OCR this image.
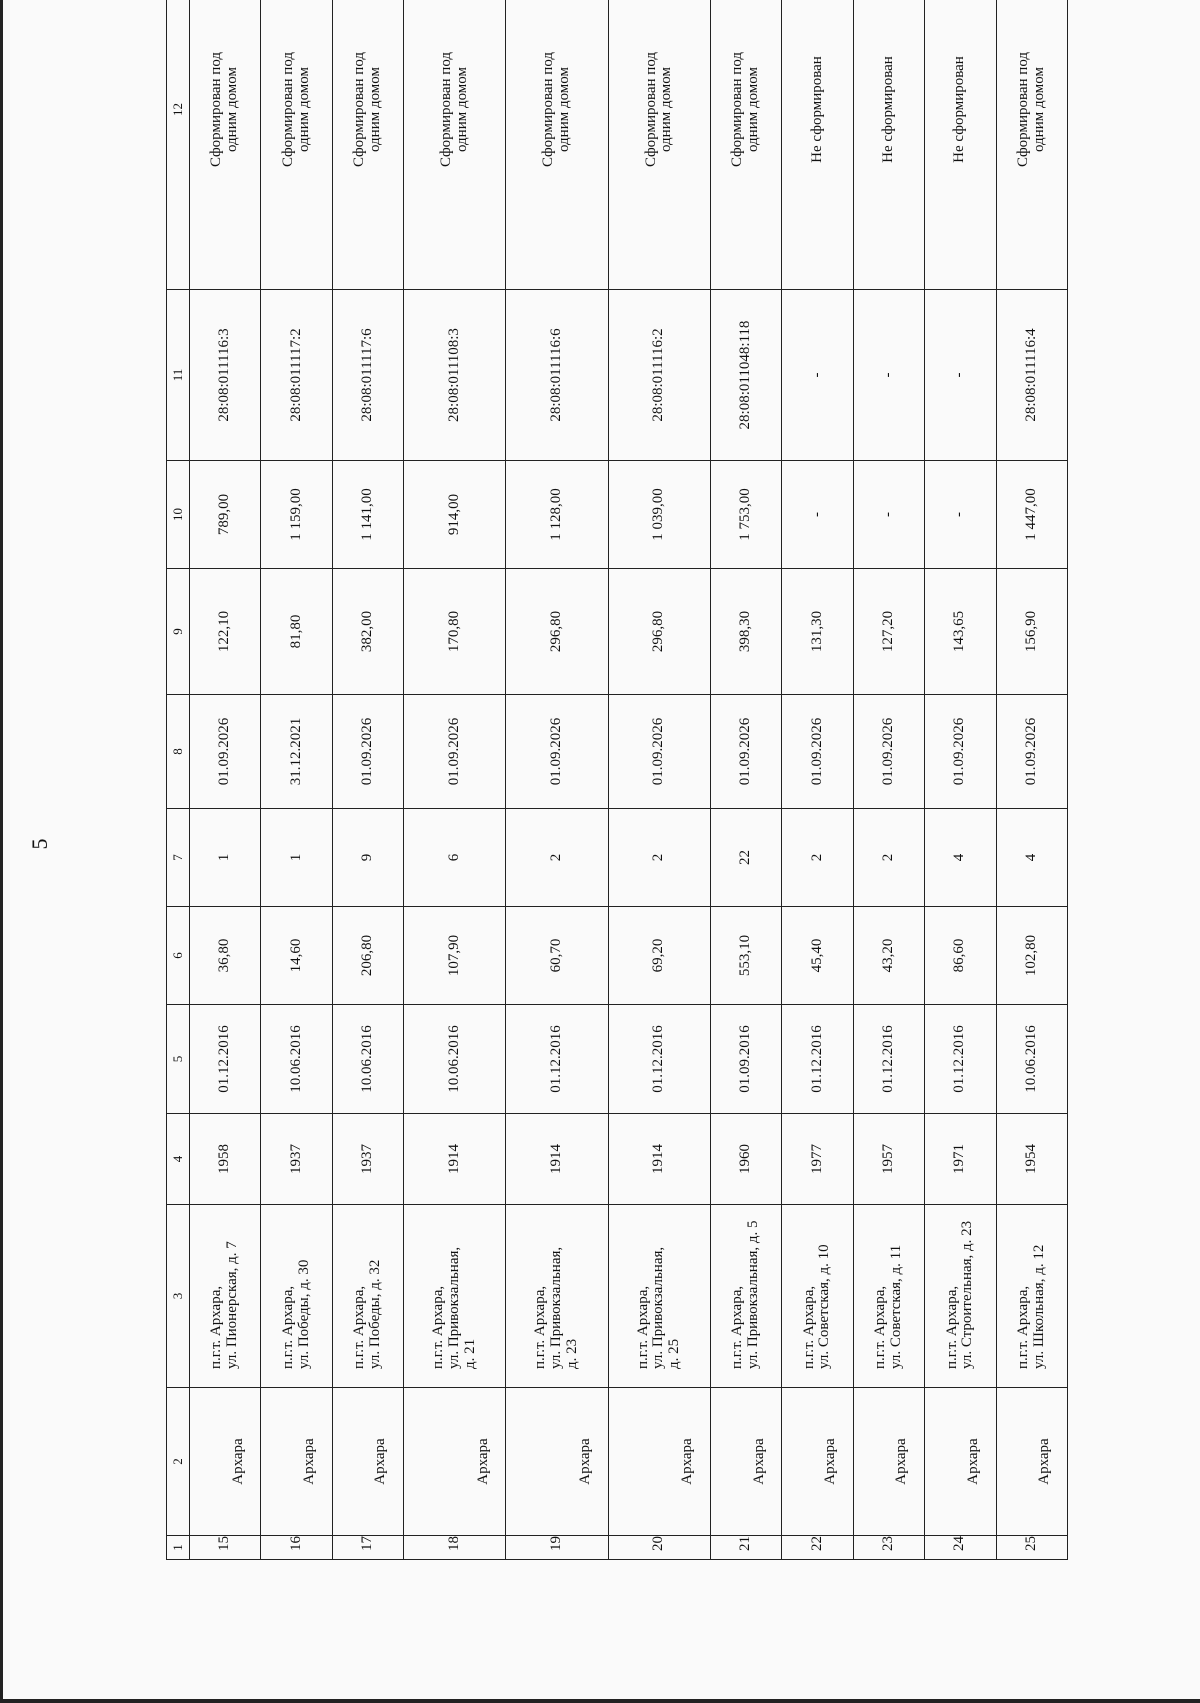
5
1	2	3	4	5	6	7	8	9	10	11	12
15	Архара	п.г.т. Архара,
ул. Пионерская, д. 7	1958	01.12.2016	36,80	1	01.09.2026	122,10	789,00	28:08:011116:3	Сформирован под
одним домом
16	Архара	п.г.т. Архара,
ул. Победы, д. 30	1937	10.06.2016	14,60	1	31.12.2021	81,80	1 159,00	28:08:011117:2	Сформирован под
одним домом
17	Архара	п.г.т. Архара,
ул. Победы, д. 32	1937	10.06.2016	206,80	9	01.09.2026	382,00	1 141,00	28:08:011117:6	Сформирован под
одним домом
18	Архара	п.г.т. Архара,
ул. Привокзальная,
д. 21	1914	10.06.2016	107,90	6	01.09.2026	170,80	914,00	28:08:011108:3	Сформирован под
одним домом
19	Архара	п.г.т. Архара,
ул. Привокзальная,
д. 23	1914	01.12.2016	60,70	2	01.09.2026	296,80	1 128,00	28:08:011116:6	Сформирован под
одним домом
20	Архара	п.г.т. Архара,
ул. Привокзальная,
д. 25	1914	01.12.2016	69,20	2	01.09.2026	296,80	1 039,00	28:08:011116:2	Сформирован под
одним домом
21	Архара	п.г.т. Архара,
ул. Привокзальная, д. 5	1960	01.09.2016	553,10	22	01.09.2026	398,30	1 753,00	28:08:011048:118	Сформирован под
одним домом
22	Архара	п.г.т. Архара,
ул. Советская, д. 10	1977	01.12.2016	45,40	2	01.09.2026	131,30	-	-	Не сформирован
23	Архара	п.г.т. Архара,
ул. Советская, д. 11	1957	01.12.2016	43,20	2	01.09.2026	127,20	-	-	Не сформирован
24	Архара	п.г.т. Архара,
ул. Строительная, д. 23	1971	01.12.2016	86,60	4	01.09.2026	143,65	-	-	Не сформирован
25	Архара	п.г.т. Архара,
ул. Школьная, д. 12	1954	10.06.2016	102,80	4	01.09.2026	156,90	1 447,00	28:08:011116:4	Сформирован под
одним домом
